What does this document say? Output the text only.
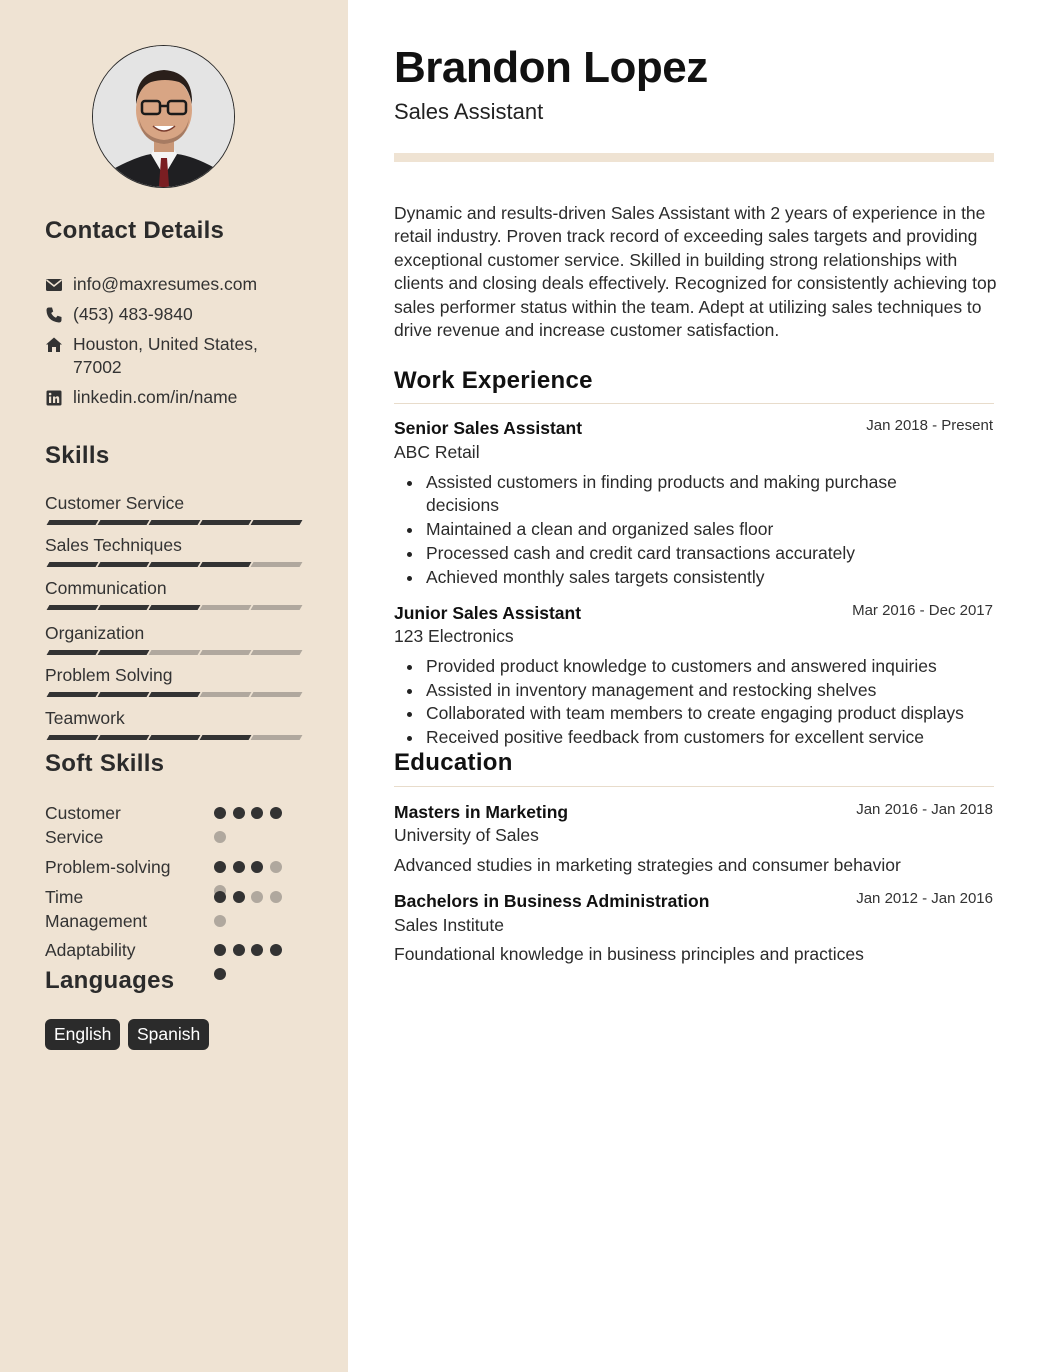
Contact Details
info@maxresumes.com
(453) 483-9840
Houston, United States, 77002
linkedin.com/in/name
Skills
Customer Service
Sales Techniques
Communication
Organization
Problem Solving
Teamwork
Soft Skills
Customer Service
Problem-solving
Time Management
Adaptability
Languages
English	Spanish
Brandon Lopez
Sales Assistant
Dynamic and results-driven Sales Assistant with 2 years of experience in the retail industry. Proven track record of exceeding sales targets and providing exceptional customer service. Skilled in building strong relationships with clients and closing deals effectively. Recognized for consistently achieving top sales performer status within the team. Adept at utilizing sales techniques to drive revenue and increase customer satisfaction.
Work Experience
Senior Sales Assistant	Jan 2018 - Present
ABC Retail
Assisted customers in finding products and making purchase decisions
Maintained a clean and organized sales floor
Processed cash and credit card transactions accurately
Achieved monthly sales targets consistently
Junior Sales Assistant	Mar 2016 - Dec 2017
123 Electronics
Provided product knowledge to customers and answered inquiries
Assisted in inventory management and restocking shelves
Collaborated with team members to create engaging product displays
Received positive feedback from customers for excellent service
Education
Masters in Marketing	Jan 2016 - Jan 2018
University of Sales
Advanced studies in marketing strategies and consumer behavior
Bachelors in Business Administration	Jan 2012 - Jan 2016
Sales Institute
Foundational knowledge in business principles and practices
